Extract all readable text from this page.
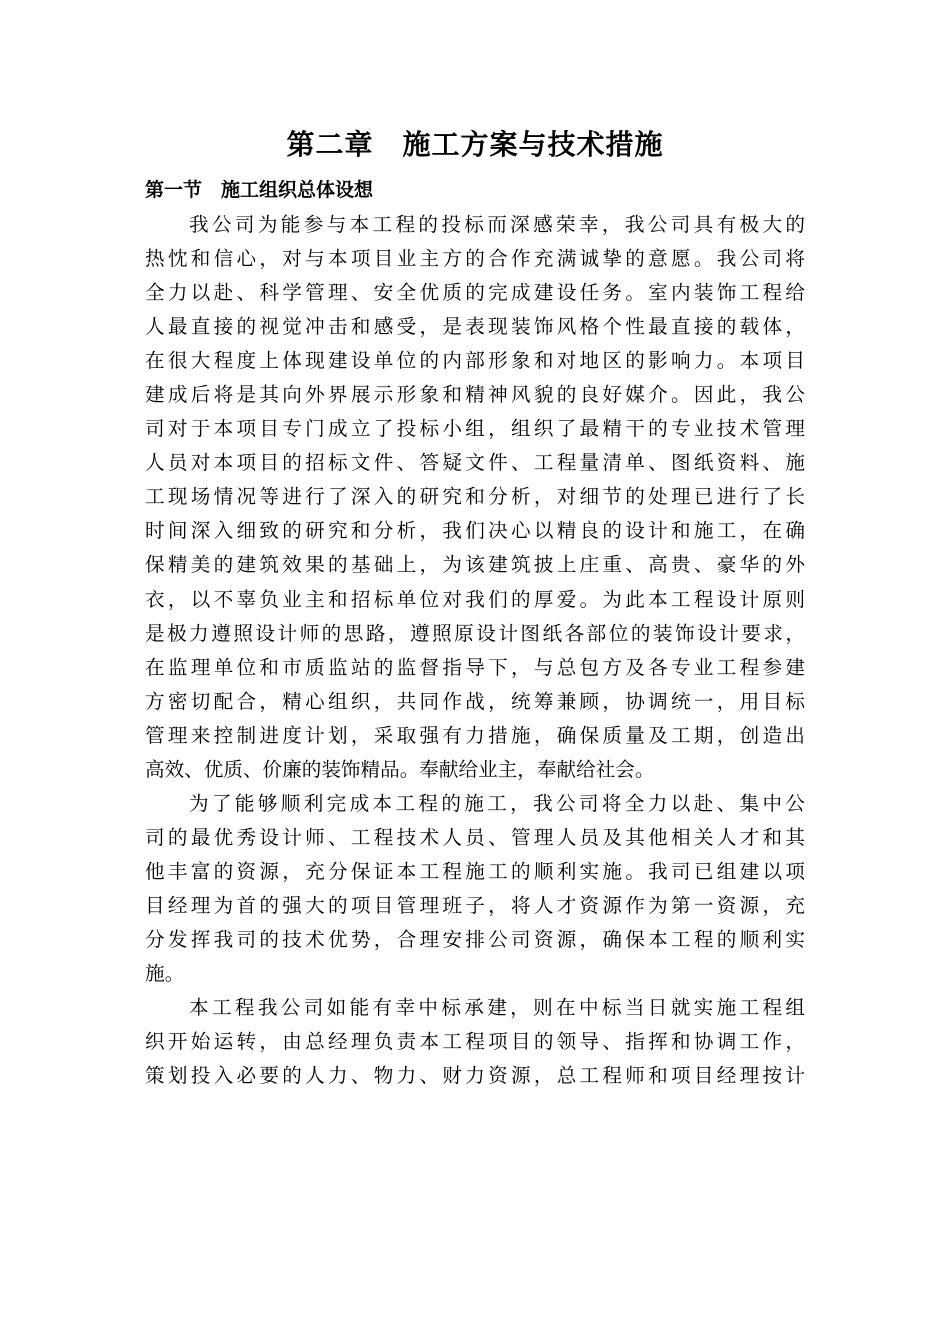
第二章　施工方案与技术措施
第一节　施工组织总体设想
我公司为能参与本工程的投标而深感荣幸，我公司具有极大的
热忱和信心，对与本项目业主方的合作充满诚挚的意愿。我公司将
全力以赴、科学管理、安全优质的完成建设任务。室内装饰工程给
人最直接的视觉冲击和感受，是表现装饰风格个性最直接的载体，
在很大程度上体现建设单位的内部形象和对地区的影响力。本项目
建成后将是其向外界展示形象和精神风貌的良好媒介。因此，我公
司对于本项目专门成立了投标小组，组织了最精干的专业技术管理
人员对本项目的招标文件、答疑文件、工程量清单、图纸资料、施
工现场情况等进行了深入的研究和分析，对细节的处理已进行了长
时间深入细致的研究和分析，我们决心以精良的设计和施工，在确
保精美的建筑效果的基础上，为该建筑披上庄重、高贵、豪华的外
衣，以不辜负业主和招标单位对我们的厚爱。为此本工程设计原则
是极力遵照设计师的思路，遵照原设计图纸各部位的装饰设计要求，
在监理单位和市质监站的监督指导下，与总包方及各专业工程参建
方密切配合，精心组织，共同作战，统筹兼顾，协调统一，用目标
管理来控制进度计划，采取强有力措施，确保质量及工期，创造出
高效、优质、价廉的装饰精品。奉献给业主，奉献给社会。
为了能够顺利完成本工程的施工，我公司将全力以赴、集中公
司的最优秀设计师、工程技术人员、管理人员及其他相关人才和其
他丰富的资源，充分保证本工程施工的顺利实施。我司已组建以项
目经理为首的强大的项目管理班子，将人才资源作为第一资源，充
分发挥我司的技术优势，合理安排公司资源，确保本工程的顺利实
施。
本工程我公司如能有幸中标承建，则在中标当日就实施工程组
织开始运转，由总经理负责本工程项目的领导、指挥和协调工作，
策划投入必要的人力、物力、财力资源，总工程师和项目经理按计
